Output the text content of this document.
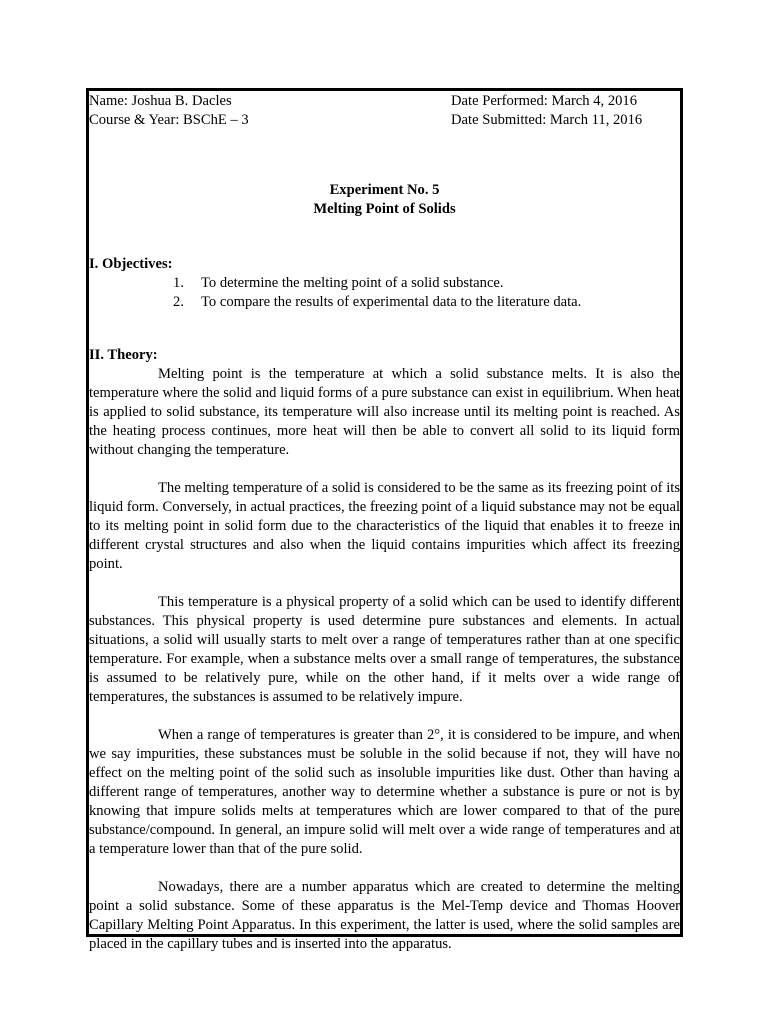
Name: Joshua B. Dacles	Date Performed: March 4, 2016
Course & Year: BSChE – 3	Date Submitted: March 11, 2016
Experiment No. 5
Melting Point of Solids
I. Objectives:
1. To determine the melting point of a solid substance.
2. To compare the results of experimental data to the literature data.
II. Theory:

Melting point is the temperature at which a solid substance melts. It is also the temperature where the solid and liquid forms of a pure substance can exist in equilibrium. When heat is applied to solid substance, its temperature will also increase until its melting point is reached. As the heating process continues, more heat will then be able to convert all solid to its liquid form without changing the temperature.

The melting temperature of a solid is considered to be the same as its freezing point of its liquid form. Conversely, in actual practices, the freezing point of a liquid substance may not be equal to its melting point in solid form due to the characteristics of the liquid that enables it to freeze in different crystal structures and also when the liquid contains impurities which affect its freezing point.

This temperature is a physical property of a solid which can be used to identify different substances. This physical property is used determine pure substances and elements. In actual situations, a solid will usually starts to melt over a range of temperatures rather than at one specific temperature. For example, when a substance melts over a small range of temperatures, the substance is assumed to be relatively pure, while on the other hand, if it melts over a wide range of temperatures, the substances is assumed to be relatively impure.

When a range of temperatures is greater than 2°, it is considered to be impure, and when we say impurities, these substances must be soluble in the solid because if not, they will have no effect on the melting point of the solid such as insoluble impurities like dust. Other than having a different range of temperatures, another way to determine whether a substance is pure or not is by knowing that impure solids melts at temperatures which are lower compared to that of the pure substance/compound. In general, an impure solid will melt over a wide range of temperatures and at a temperature lower than that of the pure solid.

Nowadays, there are a number apparatus which are created to determine the melting point a solid substance. Some of these apparatus is the Mel-Temp device and Thomas Hoover Capillary Melting Point Apparatus. In this experiment, the latter is used, where the solid samples are placed in the capillary tubes and is inserted into the apparatus.
